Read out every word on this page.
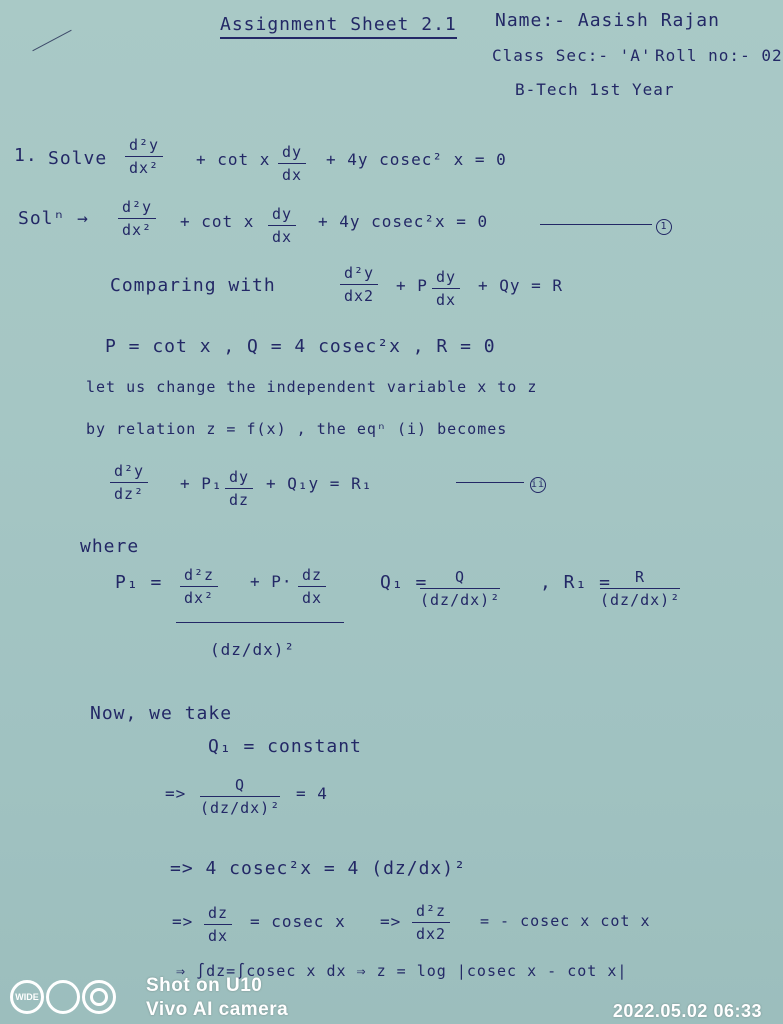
Assignment Sheet 2.1 Name:- Aasish Rajan
Class Sec:- 'A' Roll no:- 02
B-Tech 1st Year
1. Solve $\frac{\text{d²y}}{\text{dx²}} + \cot x \frac{dy}{dx} + 4y$ cosec² x = 0
$Sol^n \to \frac{\text{d²y}}{\text{dx²}} + \cot x \frac{dy}{dx} + 4y$ cosec²x = 0	1
Comparing with	$\frac{\text{d²y}}{dx2} + P \frac{dy}{dx} + Qy = R$
P = cot x , Q = 4 cosec²x , R = 0
let us change the independent variable x to z
by relation z = f(x) , the eqⁿ (i) becomes
$\frac{\text{d²y}}{\text{dz²}} + P_1 \frac{dy}{dz} + Q_1y = R_1$	ii
where
$P_1 = \frac{\text{d²z}}{\text{dx²}} + P\cdot \frac{dz}{dx}$
(dz/dx)²
Q₁ =
$\frac{Q}{\text{(dz/dx)²}}$ , R₁ =
$\frac{R}{\text{(dz/dx)²}}$
Now, we take
Q₁ = constant
=> $\frac{Q}{\text{(dz/dx)²}} = 4$
=> 4 cosec²x = 4 (dz/dx)²
=> $\frac{dz}{dx} = cosec$ $x => \frac{\text{d²z}}{dx2}$ = - cosec x cot x
⇒ ∫dz=∫cosec x dx ⇒ z = log |cosec x - cot x|
WIDE
Shot on U10
Vivo AI camera	2022.05.02 06:33
